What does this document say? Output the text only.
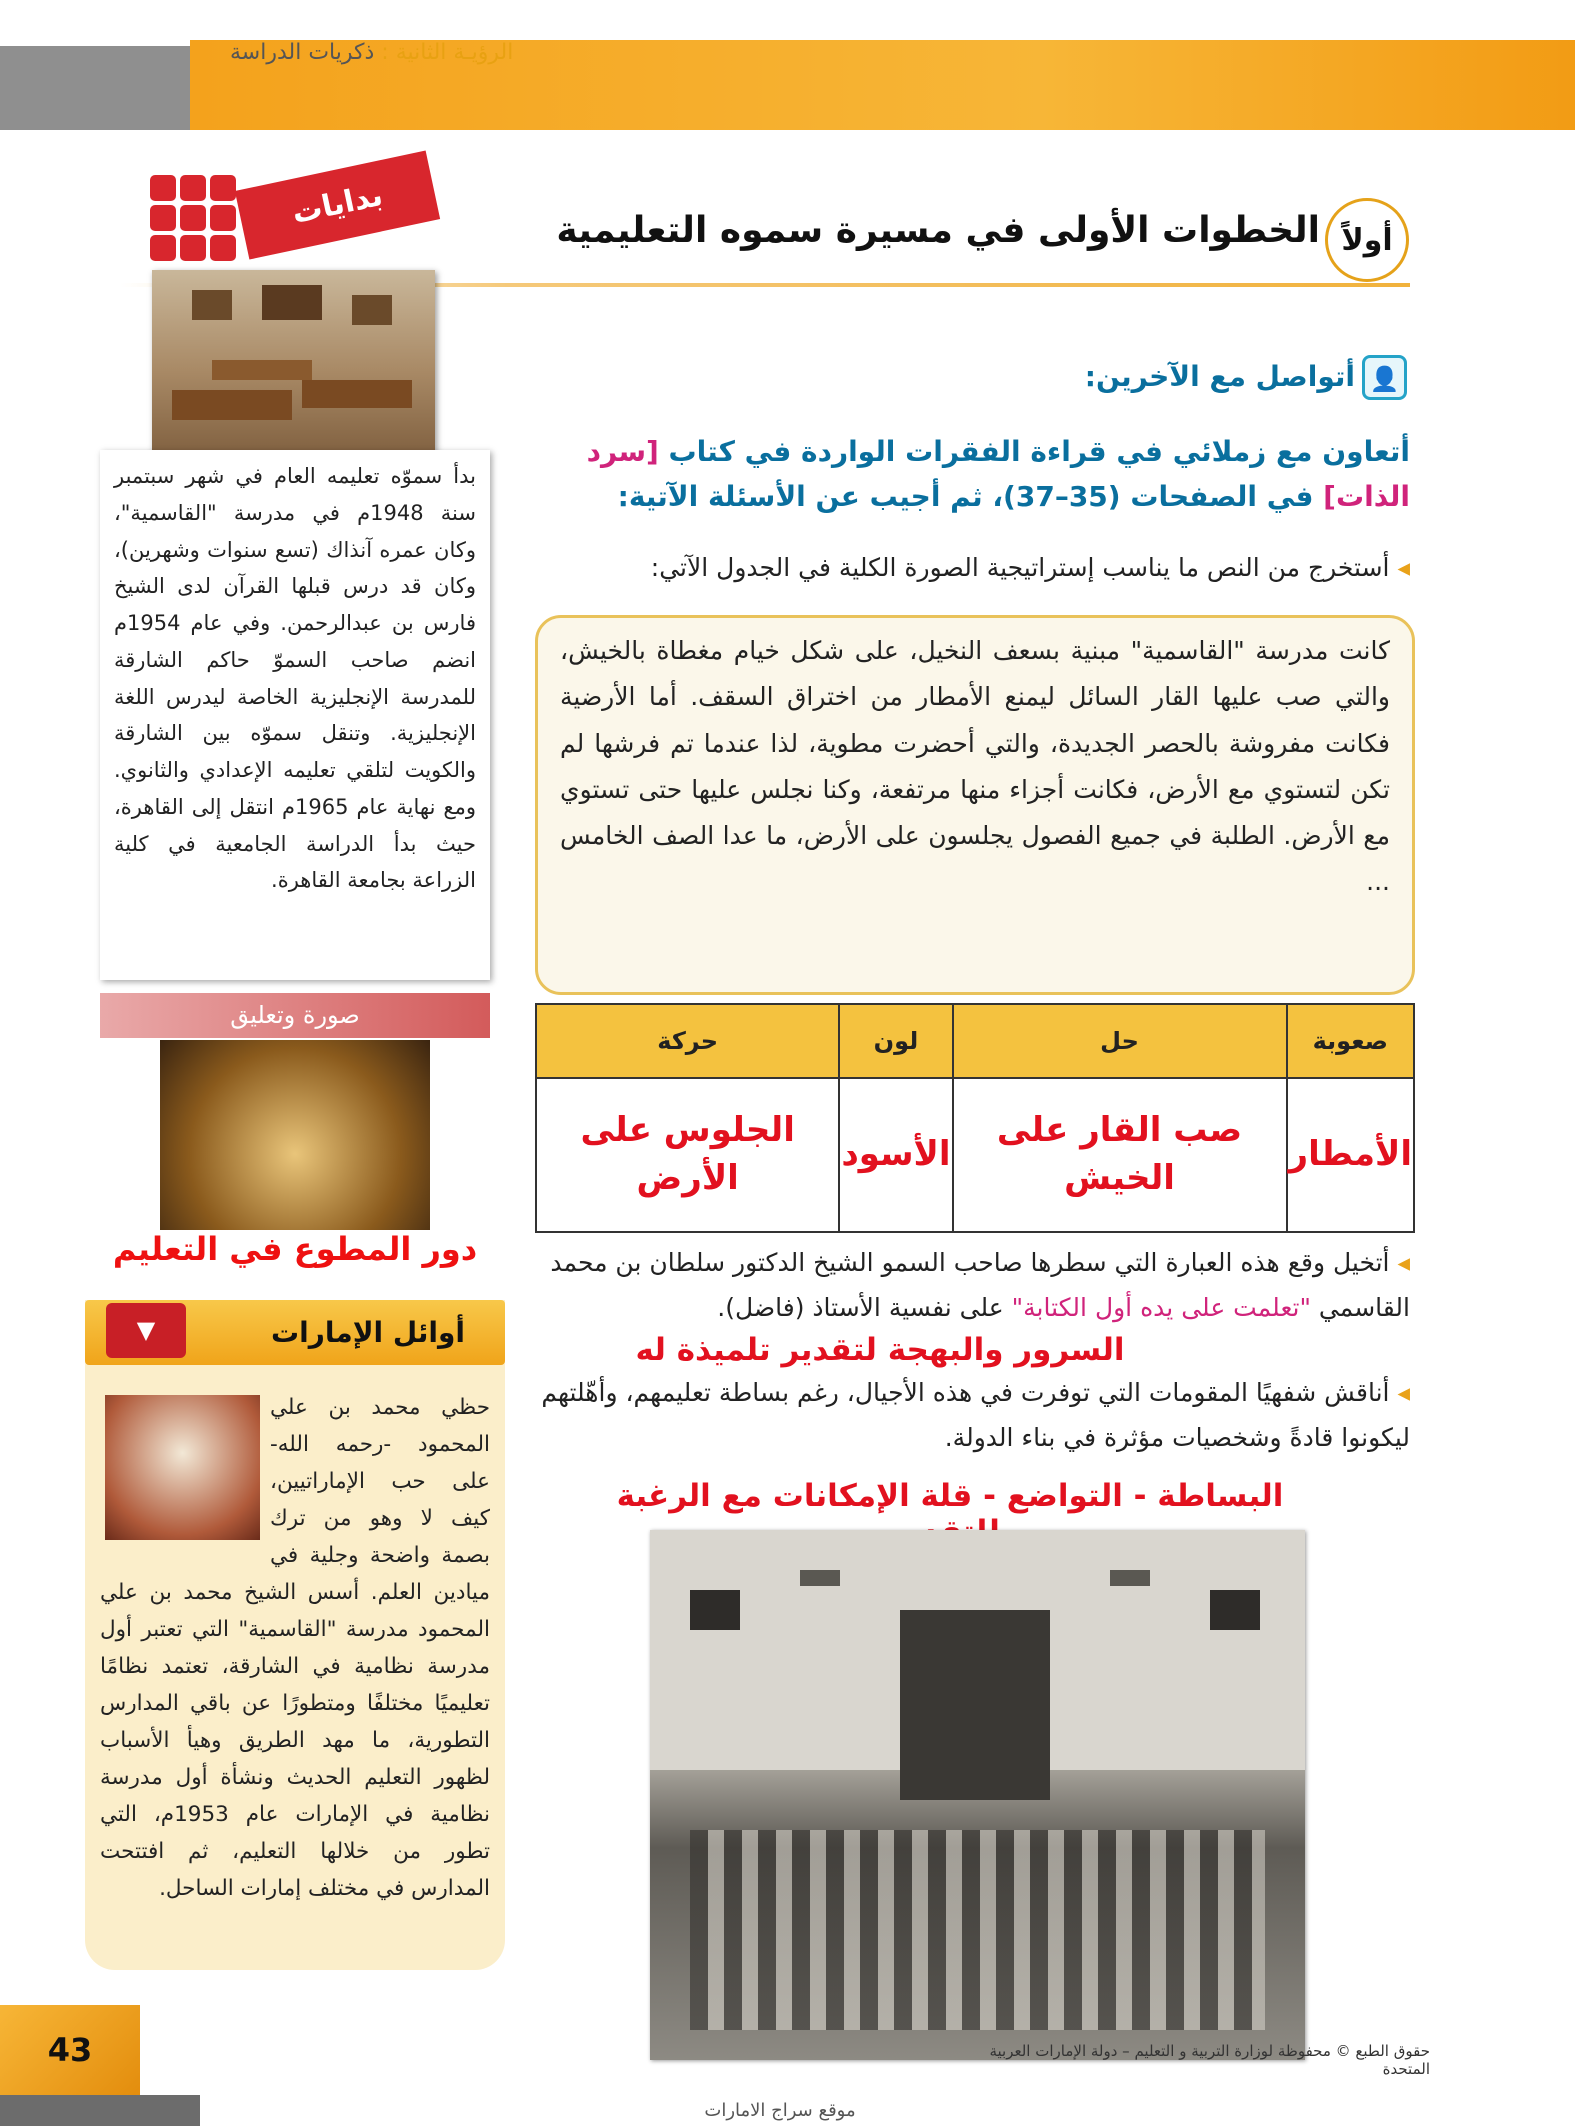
الرؤيـة الثانية : ذكريات الدراسة
أولاً
الخطوات الأولى في مسيرة سموه التعليمية
بدايات
بدأ سموّه تعليمه العام في شهر سبتمبر سنة 1948م في مدرسة "القاسمية"، وكان عمره آنذاك (تسع سنوات وشهرين)، وكان قد درس قبلها القرآن لدى الشيخ فارس بن عبدالرحمن. وفي عام 1954م انضم صاحب السموّ حاكم الشارقة للمدرسة الإنجليزية الخاصة ليدرس اللغة الإنجليزية. وتنقل سموّه بين الشارقة والكويت لتلقي تعليمه الإعدادي والثانوي. ومع نهاية عام 1965م انتقل إلى القاهرة، حيث بدأ الدراسة الجامعية في كلية الزراعة بجامعة القاهرة.
صورة وتعليق
دور المطوع في التعليم
أوائل الإمارات
▼
حظي محمد بن علي المحمود -رحمه الله- على حب الإماراتيين، كيف لا وهو من ترك بصمة واضحة وجلية في ميادين العلم. أسس الشيخ محمد بن علي المحمود مدرسة "القاسمية" التي تعتبر أول مدرسة نظامية في الشارقة، تعتمد نظامًا تعليميًا مختلفًا ومتطورًا عن باقي المدارس التطورية، ما مهد الطريق وهيأ الأسباب لظهور التعليم الحديث ونشأة أول مدرسة نظامية في الإمارات عام 1953م، التي تطور من خلالها التعليم، ثم افتتحت المدارس في مختلف إمارات الساحل.
👤
أتواصل مع الآخرين:
أتعاون مع زملائي في قراءة الفقرات الواردة في كتاب [سرد الذات] في الصفحات (35–37)، ثم أجيب عن الأسئلة الآتية:
◂ أستخرج من النص ما يناسب إستراتيجية الصورة الكلية في الجدول الآتي:
كانت مدرسة "القاسمية" مبنية بسعف النخيل، على شكل خيام مغطاة بالخيش، والتي صب عليها القار السائل ليمنع الأمطار من اختراق السقف. أما الأرضية فكانت مفروشة بالحصر الجديدة، والتي أحضرت مطوية، لذا عندما تم فرشها لم تكن لتستوي مع الأرض، فكانت أجزاء منها مرتفعة، وكنا نجلس عليها حتى تستوي مع الأرض. الطلبة في جميع الفصول يجلسون على الأرض، ما عدا الصف الخامس ...
صعوبة	حل	لون	حركة
الأمطار	صب القار على الخيش	الأسود	الجلوس على الأرض
◂ أتخيل وقع هذه العبارة التي سطرها صاحب السمو الشيخ الدكتور سلطان بن محمد القاسمي "تعلمت على يده أول الكتابة" على نفسية الأستاذ (فاضل).
السرور والبهجة لتقدير تلميذة له
◂ أناقش شفهيًا المقومات التي توفرت في هذه الأجيال، رغم بساطة تعليمهم، وأهّلتهم ليكونوا قادةً وشخصيات مؤثرة في بناء الدولة.
البساطة - التواضع - قلة الإمكانات مع الرغبة
43	حقوق الطبع © محفوظة لوزارة التربية و التعليم – دولة الإمارات العربية المتحدة
موقع سراج الامارات
